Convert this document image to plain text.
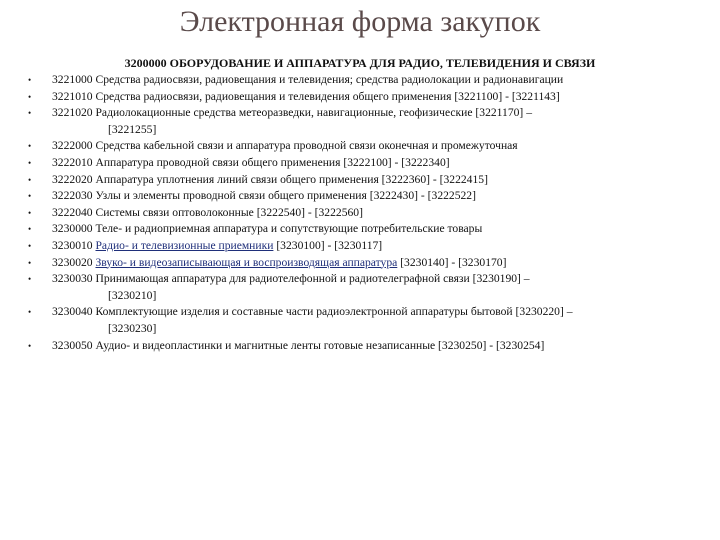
Электронная форма закупок
3200000 ОБОРУДОВАНИЕ И АППАРАТУРА ДЛЯ РАДИО, ТЕЛЕВИДЕНИЯ И СВЯЗИ
• 3221000 Средства радиосвязи, радиовещания и телевидения; средства радиолокации и радионавигации
• 3221010 Средства радиосвязи, радиовещания и телевидения общего применения [3221100] - [3221143]
• 3221020 Радиолокационные средства метеоразведки, навигационные, геофизические [3221170] –
[3221255]
• 3222000 Средства кабельной связи и аппаратура проводной связи оконечная и промежуточная
• 3222010 Аппаратура проводной связи общего применения [3222100] - [3222340]
• 3222020 Аппаратура уплотнения линий связи общего применения [3222360] - [3222415]
• 3222030 Узлы и элементы проводной связи общего применения [3222430] - [3222522]
• 3222040 Системы связи оптоволоконные [3222540] - [3222560]
• 3230000 Теле- и радиоприемная аппаратура и сопутствующие потребительские товары
• 3230010 Радио- и телевизионные приемники [3230100] - [3230117]
• 3230020 Звуко- и видеозаписывающая и воспроизводящая аппаратура [3230140] - [3230170]
• 3230030 Принимающая аппаратура для радиотелефонной и радиотелеграфной связи [3230190] –
[3230210]
• 3230040 Комплектующие изделия и составные части радиоэлектронной аппаратуры бытовой [3230220] –
[3230230]
• 3230050 Аудио- и видеопластинки и магнитные ленты готовые незаписанные [3230250] - [3230254]
